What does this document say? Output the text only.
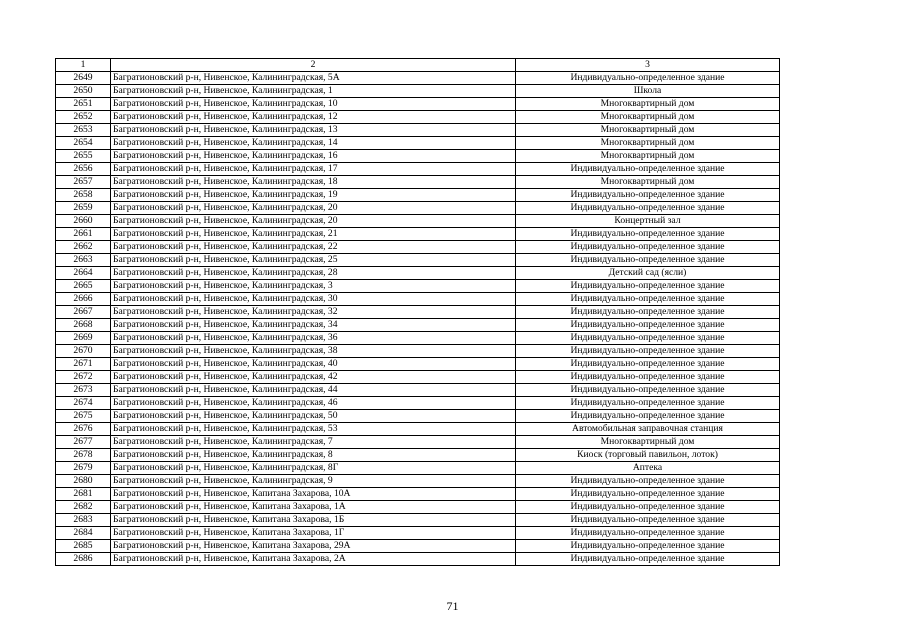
1	2	3
2649	Багратионовский р-н, Нивенское, Калининградская, 5А	Индивидуально-определенное здание
2650	Багратионовский р-н, Нивенское, Калининградская, 1	Школа
2651	Багратионовский р-н, Нивенское, Калининградская, 10	Многоквартирный дом
2652	Багратионовский р-н, Нивенское, Калининградская, 12	Многоквартирный дом
2653	Багратионовский р-н, Нивенское, Калининградская, 13	Многоквартирный дом
2654	Багратионовский р-н, Нивенское, Калининградская, 14	Многоквартирный дом
2655	Багратионовский р-н, Нивенское, Калининградская, 16	Многоквартирный дом
2656	Багратионовский р-н, Нивенское, Калининградская, 17	Индивидуально-определенное здание
2657	Багратионовский р-н, Нивенское, Калининградская, 18	Многоквартирный дом
2658	Багратионовский р-н, Нивенское, Калининградская, 19	Индивидуально-определенное здание
2659	Багратионовский р-н, Нивенское, Калининградская, 20	Индивидуально-определенное здание
2660	Багратионовский р-н, Нивенское, Калининградская, 20	Концертный зал
2661	Багратионовский р-н, Нивенское, Калининградская, 21	Индивидуально-определенное здание
2662	Багратионовский р-н, Нивенское, Калининградская, 22	Индивидуально-определенное здание
2663	Багратионовский р-н, Нивенское, Калининградская, 25	Индивидуально-определенное здание
2664	Багратионовский р-н, Нивенское, Калининградская, 28	Детский сад (ясли)
2665	Багратионовский р-н, Нивенское, Калининградская, 3	Индивидуально-определенное здание
2666	Багратионовский р-н, Нивенское, Калининградская, 30	Индивидуально-определенное здание
2667	Багратионовский р-н, Нивенское, Калининградская, 32	Индивидуально-определенное здание
2668	Багратионовский р-н, Нивенское, Калининградская, 34	Индивидуально-определенное здание
2669	Багратионовский р-н, Нивенское, Калининградская, 36	Индивидуально-определенное здание
2670	Багратионовский р-н, Нивенское, Калининградская, 38	Индивидуально-определенное здание
2671	Багратионовский р-н, Нивенское, Калининградская, 40	Индивидуально-определенное здание
2672	Багратионовский р-н, Нивенское, Калининградская, 42	Индивидуально-определенное здание
2673	Багратионовский р-н, Нивенское, Калининградская, 44	Индивидуально-определенное здание
2674	Багратионовский р-н, Нивенское, Калининградская, 46	Индивидуально-определенное здание
2675	Багратионовский р-н, Нивенское, Калининградская, 50	Индивидуально-определенное здание
2676	Багратионовский р-н, Нивенское, Калининградская, 53	Автомобильная заправочная станция
2677	Багратионовский р-н, Нивенское, Калининградская, 7	Многоквартирный дом
2678	Багратионовский р-н, Нивенское, Калининградская, 8	Киоск (торговый павильон, лоток)
2679	Багратионовский р-н, Нивенское, Калининградская, 8Г	Аптека
2680	Багратионовский р-н, Нивенское, Калининградская, 9	Индивидуально-определенное здание
2681	Багратионовский р-н, Нивенское, Капитана Захарова, 10А	Индивидуально-определенное здание
2682	Багратионовский р-н, Нивенское, Капитана Захарова, 1А	Индивидуально-определенное здание
2683	Багратионовский р-н, Нивенское, Капитана Захарова, 1Б	Индивидуально-определенное здание
2684	Багратионовский р-н, Нивенское, Капитана Захарова, 1Г	Индивидуально-определенное здание
2685	Багратионовский р-н, Нивенское, Капитана Захарова, 29А	Индивидуально-определенное здание
2686	Багратионовский р-н, Нивенское, Капитана Захарова, 2А	Индивидуально-определенное здание
71
